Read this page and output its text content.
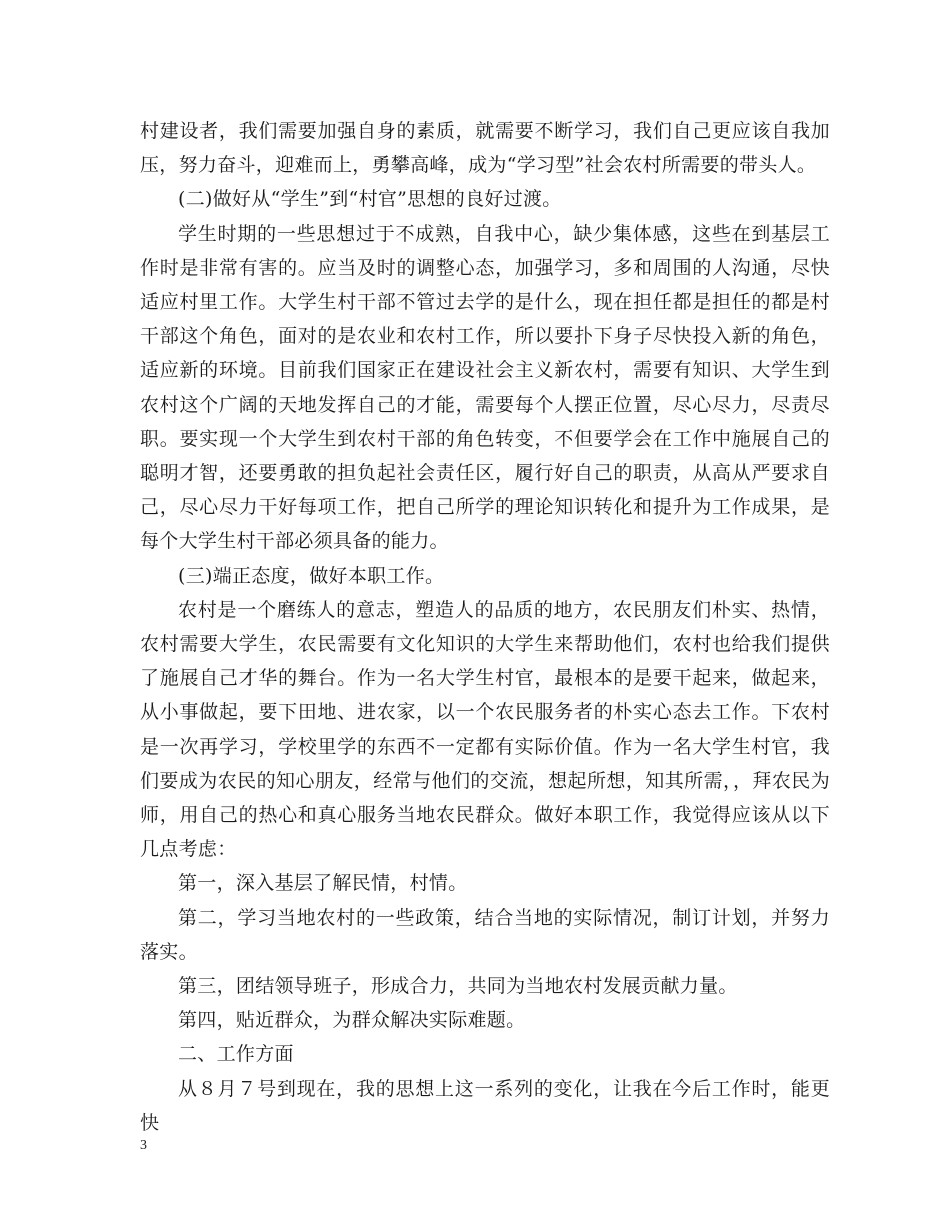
村建设者，我们需要加强自身的素质，就需要不断学习，我们自己更应该自我加压，努力奋斗，迎难而上，勇攀高峰，成为“学习型”社会农村所需要的带头人。

(二)做好从“学生”到“村官”思想的良好过渡。

学生时期的一些思想过于不成熟，自我中心，缺少集体感，这些在到基层工作时是非常有害的。应当及时的调整心态，加强学习，多和周围的人沟通，尽快适应村里工作。大学生村干部不管过去学的是什么，现在担任都是担任的都是村干部这个角色，面对的是农业和农村工作，所以要扑下身子尽快投入新的角色，适应新的环境。目前我们国家正在建设社会主义新农村，需要有知识、大学生到农村这个广阔的天地发挥自己的才能，需要每个人摆正位置，尽心尽力，尽责尽职。要实现一个大学生到农村干部的角色转变，不但要学会在工作中施展自己的聪明才智，还要勇敢的担负起社会责任区，履行好自己的职责，从高从严要求自己，尽心尽力干好每项工作，把自己所学的理论知识转化和提升为工作成果，是每个大学生村干部必须具备的能力。

(三)端正态度，做好本职工作。

农村是一个磨练人的意志，塑造人的品质的地方，农民朋友们朴实、热情，农村需要大学生，农民需要有文化知识的大学生来帮助他们，农村也给我们提供了施展自己才华的舞台。作为一名大学生村官，最根本的是要干起来，做起来，从小事做起，要下田地、进农家，以一个农民服务者的朴实心态去工作。下农村是一次再学习，学校里学的东西不一定都有实际价值。作为一名大学生村官，我们要成为农民的知心朋友，经常与他们的交流，想起所想，知其所需，，拜农民为师，用自己的热心和真心服务当地农民群众。做好本职工作，我觉得应该从以下几点考虑：

第一，深入基层了解民情，村情。

第二，学习当地农村的一些政策，结合当地的实际情况，制订计划，并努力落实。

第三，团结领导班子，形成合力，共同为当地农村发展贡献力量。

第四，贴近群众，为群众解决实际难题。

二、工作方面

从８月７号到现在，我的思想上这一系列的变化，让我在今后工作时，能更快

3
